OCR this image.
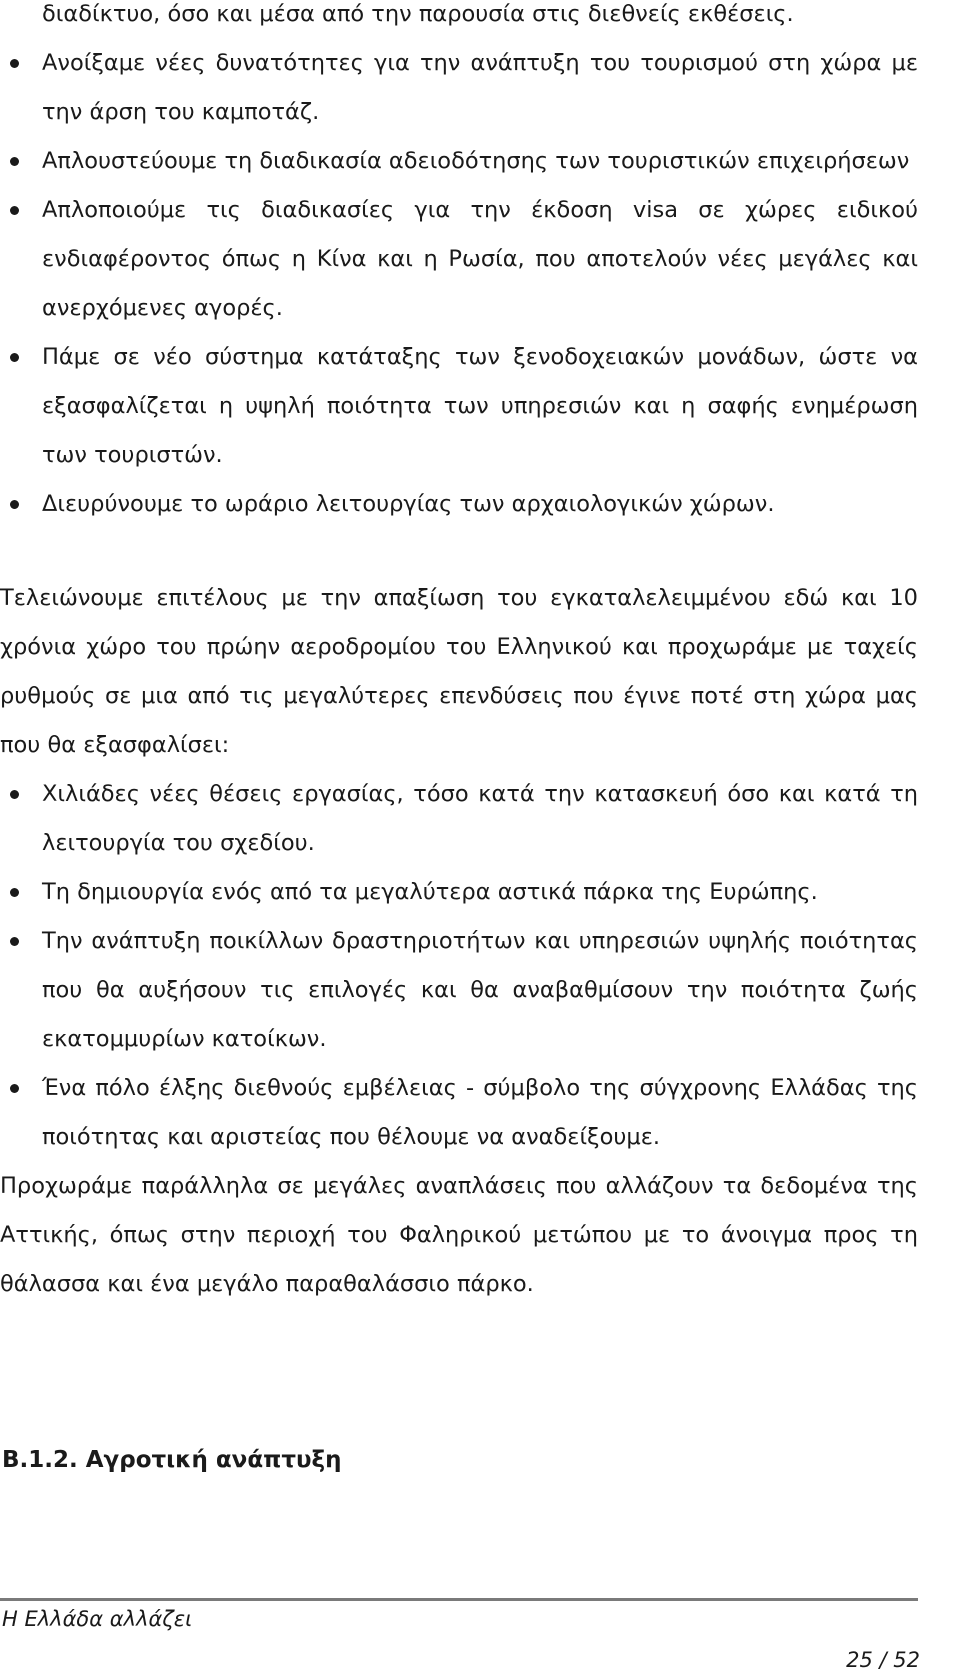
διαδίκτυο, όσο και μέσα από την παρουσία στις διεθνείς εκθέσεις.
Ανοίξαμε νέες δυνατότητες για την ανάπτυξη του τουρισμού στη χώρα με την άρση του καμποτάζ.
Απλουστεύουμε τη διαδικασία αδειοδότησης των τουριστικών επιχειρήσεων
Απλοποιούμε τις διαδικασίες για την έκδοση visa σε χώρες ειδικού ενδιαφέροντος όπως η Κίνα και η Ρωσία, που αποτελούν νέες μεγάλες και ανερχόμενες αγορές.
Πάμε σε νέο σύστημα κατάταξης των ξενοδοχειακών μονάδων, ώστε να εξασφαλίζεται η υψηλή ποιότητα των υπηρεσιών και η σαφής ενημέρωση των τουριστών.
Διευρύνουμε το ωράριο λειτουργίας των αρχαιολογικών χώρων.

Τελειώνουμε επιτέλους με την απαξίωση του εγκαταλελειμμένου εδώ και 10 χρόνια χώρο του πρώην αεροδρομίου του Ελληνικού και προχωράμε με ταχείς ρυθμούς σε μια από τις μεγαλύτερες επενδύσεις που έγινε ποτέ στη χώρα μας που θα εξασφαλίσει:

Χιλιάδες νέες θέσεις εργασίας, τόσο κατά την κατασκευή όσο και κατά τη λειτουργία του σχεδίου.
Τη δημιουργία ενός από τα μεγαλύτερα αστικά πάρκα της Ευρώπης.
Την ανάπτυξη ποικίλλων δραστηριοτήτων και υπηρεσιών υψηλής ποιότητας που θα αυξήσουν τις επιλογές και θα αναβαθμίσουν την ποιότητα ζωής εκατομμυρίων κατοίκων.
Ένα πόλο έλξης διεθνούς εμβέλειας - σύμβολο της σύγχρονης Ελλάδας της ποιότητας και αριστείας που θέλουμε να αναδείξουμε.

Προχωράμε παράλληλα σε μεγάλες αναπλάσεις που αλλάζουν τα δεδομένα της Αττικής, όπως στην περιοχή του Φαληρικού μετώπου με το άνοιγμα προς τη θάλασσα και ένα μεγάλο παραθαλάσσιο πάρκο.

B.1.2. Αγροτική ανάπτυξη
Η Ελλάδα αλλάζει
25 / 52
